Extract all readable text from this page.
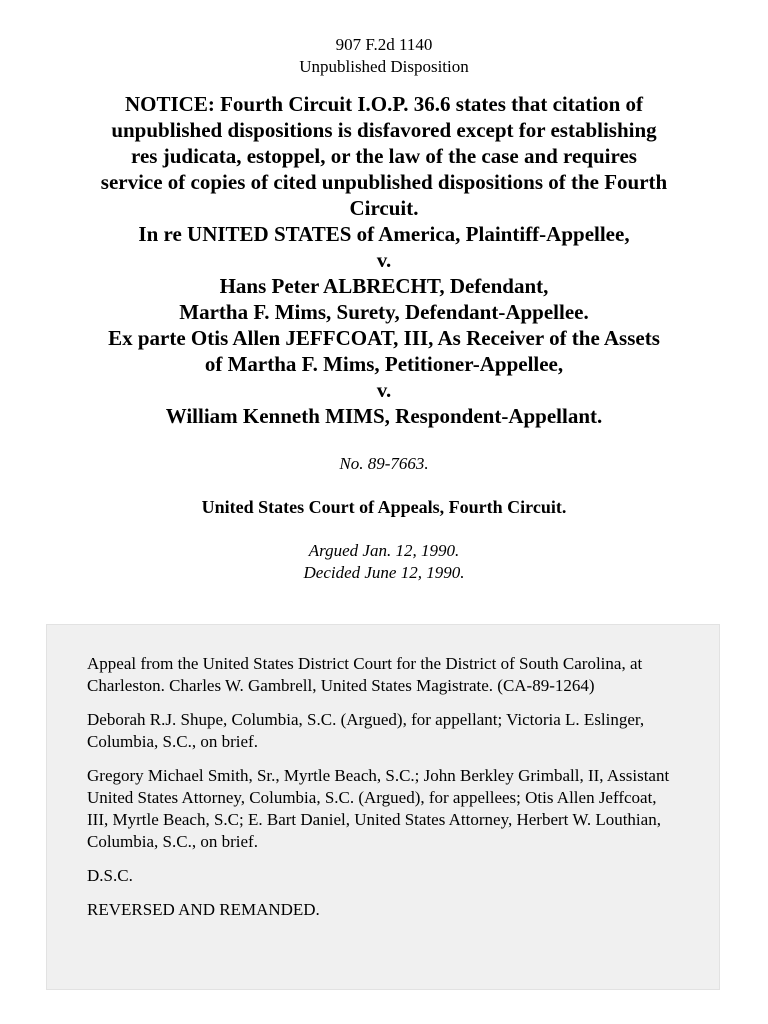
907 F.2d 1140
Unpublished Disposition
NOTICE: Fourth Circuit I.O.P. 36.6 states that citation of
unpublished dispositions is disfavored except for establishing
res judicata, estoppel, or the law of the case and requires
service of copies of cited unpublished dispositions of the Fourth
Circuit.
In re UNITED STATES of America, Plaintiff-Appellee,
v.
Hans Peter ALBRECHT, Defendant,
Martha F. Mims, Surety, Defendant-Appellee.
Ex parte Otis Allen JEFFCOAT, III, As Receiver of the Assets
of Martha F. Mims, Petitioner-Appellee,
v.
William Kenneth MIMS, Respondent-Appellant.
No. 89-7663.
United States Court of Appeals, Fourth Circuit.
Argued Jan. 12, 1990.
Decided June 12, 1990.

Appeal from the United States District Court for the District of South Carolina, at Charleston. Charles W. Gambrell, United States Magistrate. (CA-89-1264)

Deborah R.J. Shupe, Columbia, S.C. (Argued), for appellant; Victoria L. Eslinger, Columbia, S.C., on brief.

Gregory Michael Smith, Sr., Myrtle Beach, S.C.; John Berkley Grimball, II, Assistant United States Attorney, Columbia, S.C. (Argued), for appellees; Otis Allen Jeffcoat, III, Myrtle Beach, S.C; E. Bart Daniel, United States Attorney, Herbert W. Louthian, Columbia, S.C., on brief.

D.S.C.

REVERSED AND REMANDED.
